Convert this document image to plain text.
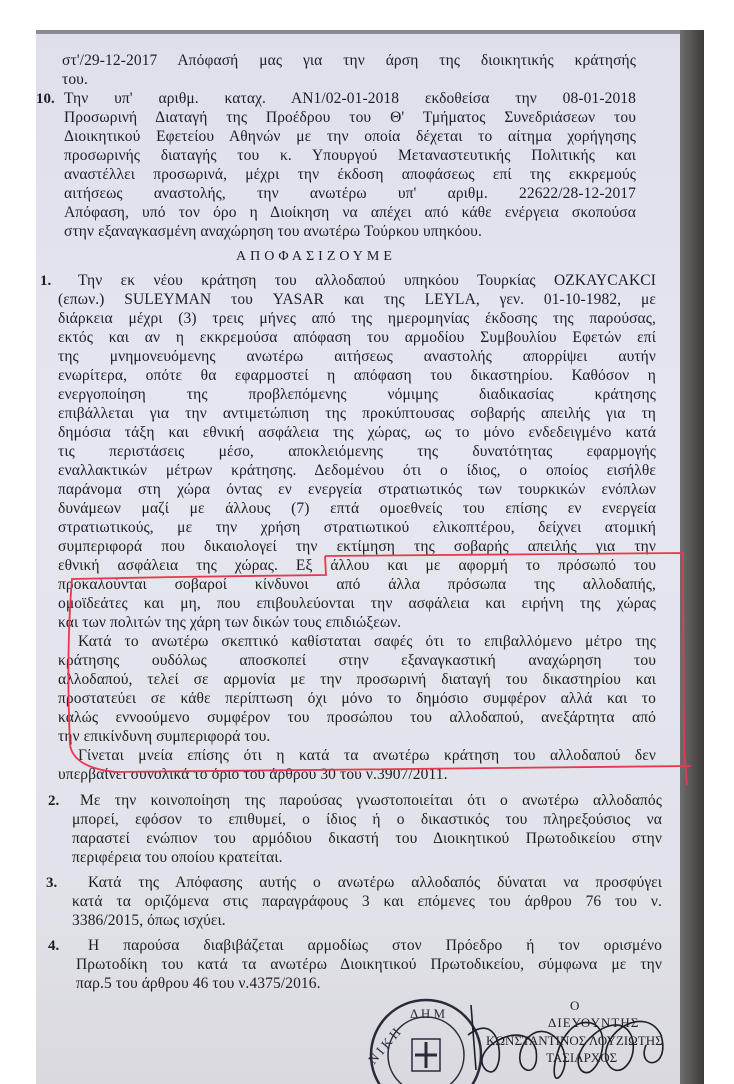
στ'/29-12-2017 Απόφασή μας για την άρση της διοικητικής κράτησής
του.
10. Την υπ' αριθμ. καταχ. ΑΝ1/02-01-2018 εκδοθείσα την 08-01-2018
Προσωρινή Διαταγή της Προέδρου του Θ' Τμήματος Συνεδριάσεων του
Διοικητικού Εφετείου Αθηνών με την οποία δέχεται το αίτημα χορήγησης
προσωρινής διαταγής του κ. Υπουργού Μεταναστευτικής Πολιτικής και
αναστέλλει προσωρινά, μέχρι την έκδοση αποφάσεως επί της εκκρεμούς
αιτήσεως αναστολής, την ανωτέρω υπ' αριθμ. 22622/28-12-2017
Απόφαση, υπό τον όρο η Διοίκηση να απέχει από κάθε ενέργεια σκοπούσα
στην εξαναγκασμένη αναχώρηση του ανωτέρω Τούρκου υπηκόου.
1. Την εκ νέου κράτηση του αλλοδαπού υπηκόου Τουρκίας OZKAYCAKCI
(επων.) SULEYMAN του YASAR και της LEYLA, γεν. 01-10-1982, με
διάρκεια μέχρι (3) τρεις μήνες από της ημερομηνίας έκδοσης της παρούσας,
εκτός και αν η εκκρεμούσα απόφαση του αρμοδίου Συμβουλίου Εφετών επί
της μνημονευόμενης ανωτέρω αιτήσεως αναστολής απορρίψει αυτήν
ενωρίτερα, οπότε θα εφαρμοστεί η απόφαση του δικαστηρίου. Καθόσον η
ενεργοποίηση της προβλεπόμενης νόμιμης διαδικασίας κράτησης
επιβάλλεται για την αντιμετώπιση της προκύπτουσας σοβαρής απειλής για τη
δημόσια τάξη και εθνική ασφάλεια της χώρας, ως το μόνο ενδεδειγμένο κατά
τις περιστάσεις μέσο, αποκλειόμενης της δυνατότητας εφαρμογής
εναλλακτικών μέτρων κράτησης. Δεδομένου ότι ο ίδιος, ο οποίος εισήλθε
παράνομα στη χώρα όντας εν ενεργεία στρατιωτικός των τουρκικών ενόπλων
δυνάμεων μαζί με άλλους (7) επτά ομοεθνείς του επίσης εν ενεργεία
στρατιωτικούς, με την χρήση στρατιωτικού ελικοπτέρου, δείχνει ατομική
συμπεριφορά που δικαιολογεί την εκτίμηση της σοβαρής απειλής για την
εθνική ασφάλεια της χώρας. Εξ άλλου και με αφορμή το πρόσωπό του
προκαλούνται σοβαροί κίνδυνοι από άλλα πρόσωπα της αλλοδαπής,
ομοϊδεάτες και μη, που επιβουλεύονται την ασφάλεια και ειρήνη της χώρας
και των πολιτών της χάρη των δικών τους επιδιώξεων.
Κατά το ανωτέρω σκεπτικό καθίσταται σαφές ότι το επιβαλλόμενο μέτρο της
κράτησης ουδόλως αποσκοπεί στην εξαναγκαστική αναχώρηση του
αλλοδαπού, τελεί σε αρμονία με την προσωρινή διαταγή του δικαστηρίου και
προστατεύει σε κάθε περίπτωση όχι μόνο το δημόσιο συμφέρον αλλά και το
καλώς εννοούμενο συμφέρον του προσώπου του αλλοδαπού, ανεξάρτητα από
την επικίνδυνη συμπεριφορά του.
Γίνεται μνεία επίσης ότι η κατά τα ανωτέρω κράτηση του αλλοδαπού δεν
υπερβαίνει συνολικά το όριο του άρθρου 30 του ν.3907/2011.
2. Με την κοινοποίηση της παρούσας γνωστοποιείται ότι ο ανωτέρω αλλοδαπός
μπορεί, εφόσον το επιθυμεί, ο ίδιος ή ο δικαστικός του πληρεξούσιος να
παραστεί ενώπιον του αρμόδιου δικαστή του Διοικητικού Πρωτοδικείου στην
περιφέρεια του οποίου κρατείται.
3. Κατά της Απόφασης αυτής ο ανωτέρω αλλοδαπός δύναται να προσφύγει
κατά τα οριζόμενα στις παραγράφους 3 και επόμενες του άρθρου 76 του ν.
3386/2015, όπως ισχύει.
4. Η παρούσα διαβιβάζεται αρμοδίως στον Πρόεδρο ή τον ορισμένο
Πρωτοδίκη του κατά τα ανωτέρω Διοικητικού Πρωτοδικείου, σύμφωνα με την
παρ.5 του άρθρου 46 του ν.4375/2016.
ΑΠΟΦΑΣΙΖΟΥΜΕ
Ν Ι Κ Η
Δ Η Μ
Ο
ΔΙΕΥΘΥΝΤΗΣ
ΚΩΝΣΤΑΝΤΙΝΟΣ ΛΟΥΖΙΩΤΗΣ
ΤΑΣΙΑΡΧΟΣ
